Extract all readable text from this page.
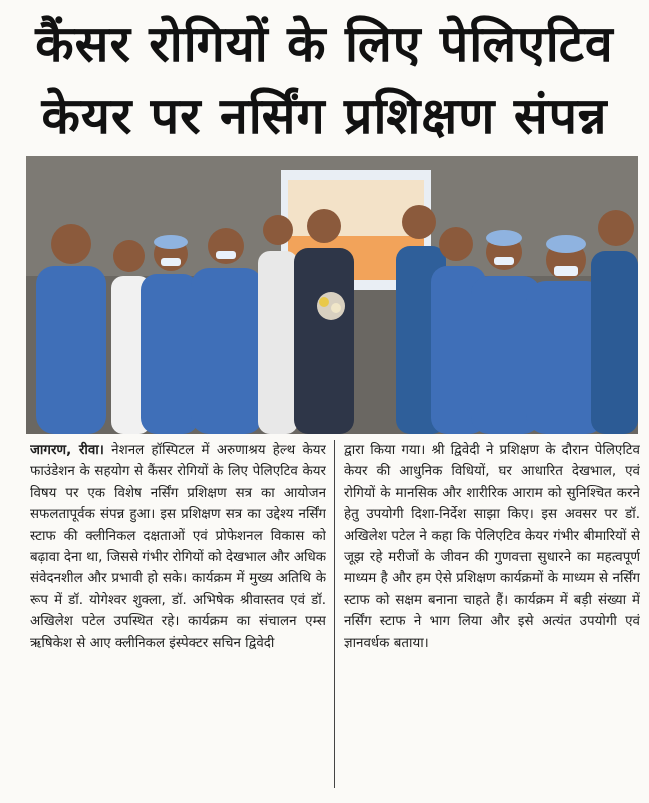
कैंसर रोगियों के लिए पेलिएटिव
केयर पर नर्सिंग प्रशिक्षण संपन्न
जागरण, रीवा। नेशनल हॉस्पिटल में अरुणाश्रय हेल्थ केयर फाउंडेशन के सहयोग से कैंसर रोगियों के लिए पेलिएटिव केयर विषय पर एक विशेष नर्सिंग प्रशिक्षण सत्र का आयोजन सफलतापूर्वक संपन्न हुआ। इस प्रशिक्षण सत्र का उद्देश्य नर्सिंग स्टाफ की क्लीनिकल दक्षताओं एवं प्रोफेशनल विकास को बढ़ावा देना था, जिससे गंभीर रोगियों को देखभाल और अधिक संवेदनशील और प्रभावी हो सके। कार्यक्रम में मुख्य अतिथि के रूप में डॉ. योगेश्वर शुक्ला, डॉ. अभिषेक श्रीवास्तव एवं डॉ. अखिलेश पटेल उपस्थित रहे। कार्यक्रम का संचालन एम्स ऋषिकेश से आए क्लीनिकल इंस्पेक्टर सचिन द्विवेदी
द्वारा किया गया। श्री द्विवेदी ने प्रशिक्षण के दौरान पेलिएटिव केयर की आधुनिक विधियों, घर आधारित देखभाल, एवं रोगियों के मानसिक और शारीरिक आराम को सुनिश्चित करने हेतु उपयोगी दिशा-निर्देश साझा किए। इस अवसर पर डॉ. अखिलेश पटेल ने कहा कि पेलिएटिव केयर गंभीर बीमारियों से जूझ रहे मरीजों के जीवन की गुणवत्ता सुधारने का महत्वपूर्ण माध्यम है और हम ऐसे प्रशिक्षण कार्यक्रमों के माध्यम से नर्सिंग स्टाफ को सक्षम बनाना चाहते हैं। कार्यक्रम में बड़ी संख्या में नर्सिंग स्टाफ ने भाग लिया और इसे अत्यंत उपयोगी एवं ज्ञानवर्धक बताया।
